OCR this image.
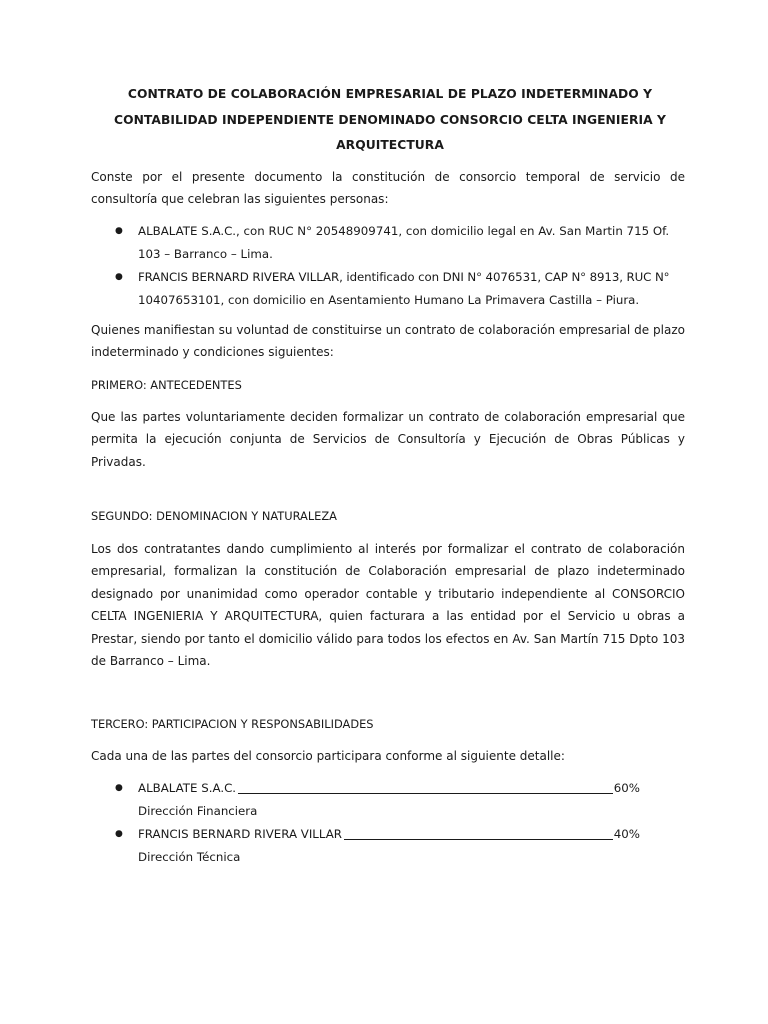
CONTRATO DE COLABORACIÓN EMPRESARIAL DE PLAZO INDETERMINADO Y
CONTABILIDAD INDEPENDIENTE DENOMINADO CONSORCIO CELTA INGENIERIA Y
ARQUITECTURA
Conste por el presente documento la constitución de consorcio temporal de servicio de consultoría que celebran las siguientes personas:
● ALBALATE S.A.C., con RUC N° 20548909741, con domicilio legal en Av. San Martin 715 Of.
103 – Barranco – Lima.
● FRANCIS BERNARD RIVERA VILLAR, identificado con DNI N° 4076531, CAP N° 8913, RUC N°
10407653101, con domicilio en Asentamiento Humano La Primavera Castilla – Piura.
Quienes manifiestan su voluntad de constituirse un contrato de colaboración empresarial de plazo indeterminado y condiciones siguientes:
PRIMERO: ANTECEDENTES
Que las partes voluntariamente deciden formalizar un contrato de colaboración empresarial que permita la ejecución conjunta de Servicios de Consultoría y Ejecución de Obras Públicas y Privadas.
SEGUNDO: DENOMINACION Y NATURALEZA
Los dos contratantes dando cumplimiento al interés por formalizar el contrato de colaboración empresarial, formalizan la constitución de Colaboración empresarial de plazo indeterminado designado por unanimidad como operador contable y tributario independiente al CONSORCIO CELTA INGENIERIA Y ARQUITECTURA, quien facturara a las entidad por el Servicio u obras a Prestar, siendo por tanto el domicilio válido para todos los efectos en Av. San Martín 715 Dpto 103 de Barranco – Lima.
TERCERO: PARTICIPACION Y RESPONSABILIDADES
Cada una de las partes del consorcio participara conforme al siguiente detalle:
● ALBALATE S.A.C.	60%
Dirección Financiera
● FRANCIS BERNARD RIVERA VILLAR	40%
Dirección Técnica
